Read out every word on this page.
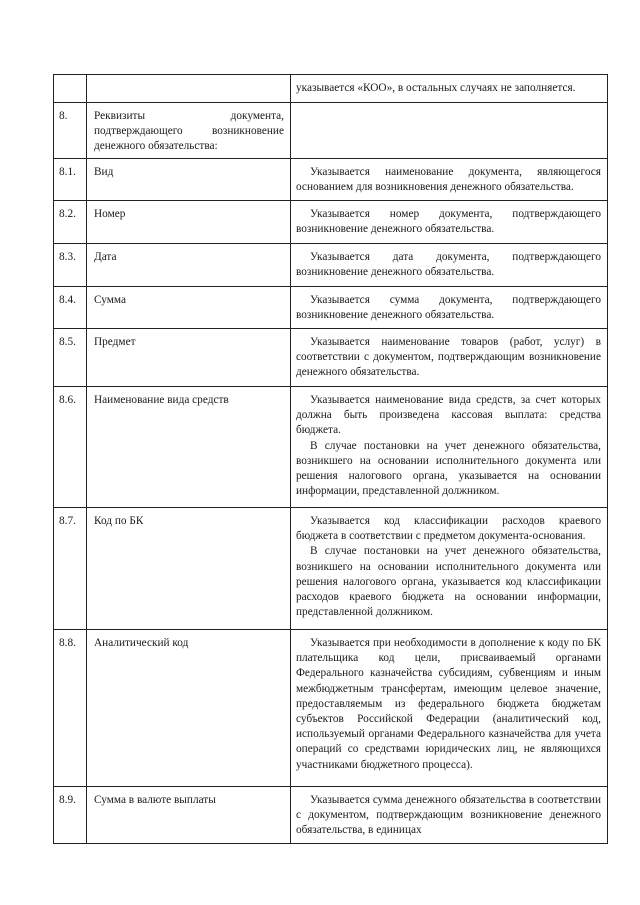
		указывается «КОО», в остальных случаях не заполняется.

8.	Реквизиты документа,
подтверждающего возникновение
денежного обязательства:	

8.1.	Вид	Указывается наименование документа, являющегося основанием для возникновения денежного обязательства.

8.2.	Номер	Указывается номер документа, подтверждающего возникновение денежного обязательства.

8.3.	Дата	Указывается дата документа, подтверждающего возникновение денежного обязательства.

8.4.	Сумма	Указывается сумма документа, подтверждающего возникновение денежного обязательства.

8.5.	Предмет	Указывается наименование товаров (работ, услуг) в соответствии с документом, подтверждающим возникновение денежного обязательства.

8.6.	Наименование вида средств	Указывается наименование вида средств, за счет которых должна быть произведена кассовая выплата: средства бюджета.

В случае постановки на учет денежного обязательства, возникшего на основании исполнительного документа или решения налогового органа, указывается на основании информации, представленной должником.

8.7.	Код по БК	Указывается код классификации расходов краевого бюджета в соответствии с предметом документа-основания.

В случае постановки на учет денежного обязательства, возникшего на основании исполнительного документа или решения налогового органа, указывается код классификации расходов краевого бюджета на основании информации, представленной должником.

8.8.	Аналитический код	Указывается при необходимости в дополнение к коду по БК плательщика код цели, присваиваемый органами Федерального казначейства субсидиям, субвенциям и иным межбюджетным трансфертам, имеющим целевое значение, предоставляемым из федерального бюджета бюджетам субъектов Российской Федерации (аналитический код, используемый органами Федерального казначейства для учета операций со средствами юридических лиц, не являющихся участниками бюджетного процесса).

8.9.	Сумма в валюте выплаты	Указывается сумма денежного обязательства в соответствии с документом, подтверждающим возникновение денежного обязательства, в единицах
